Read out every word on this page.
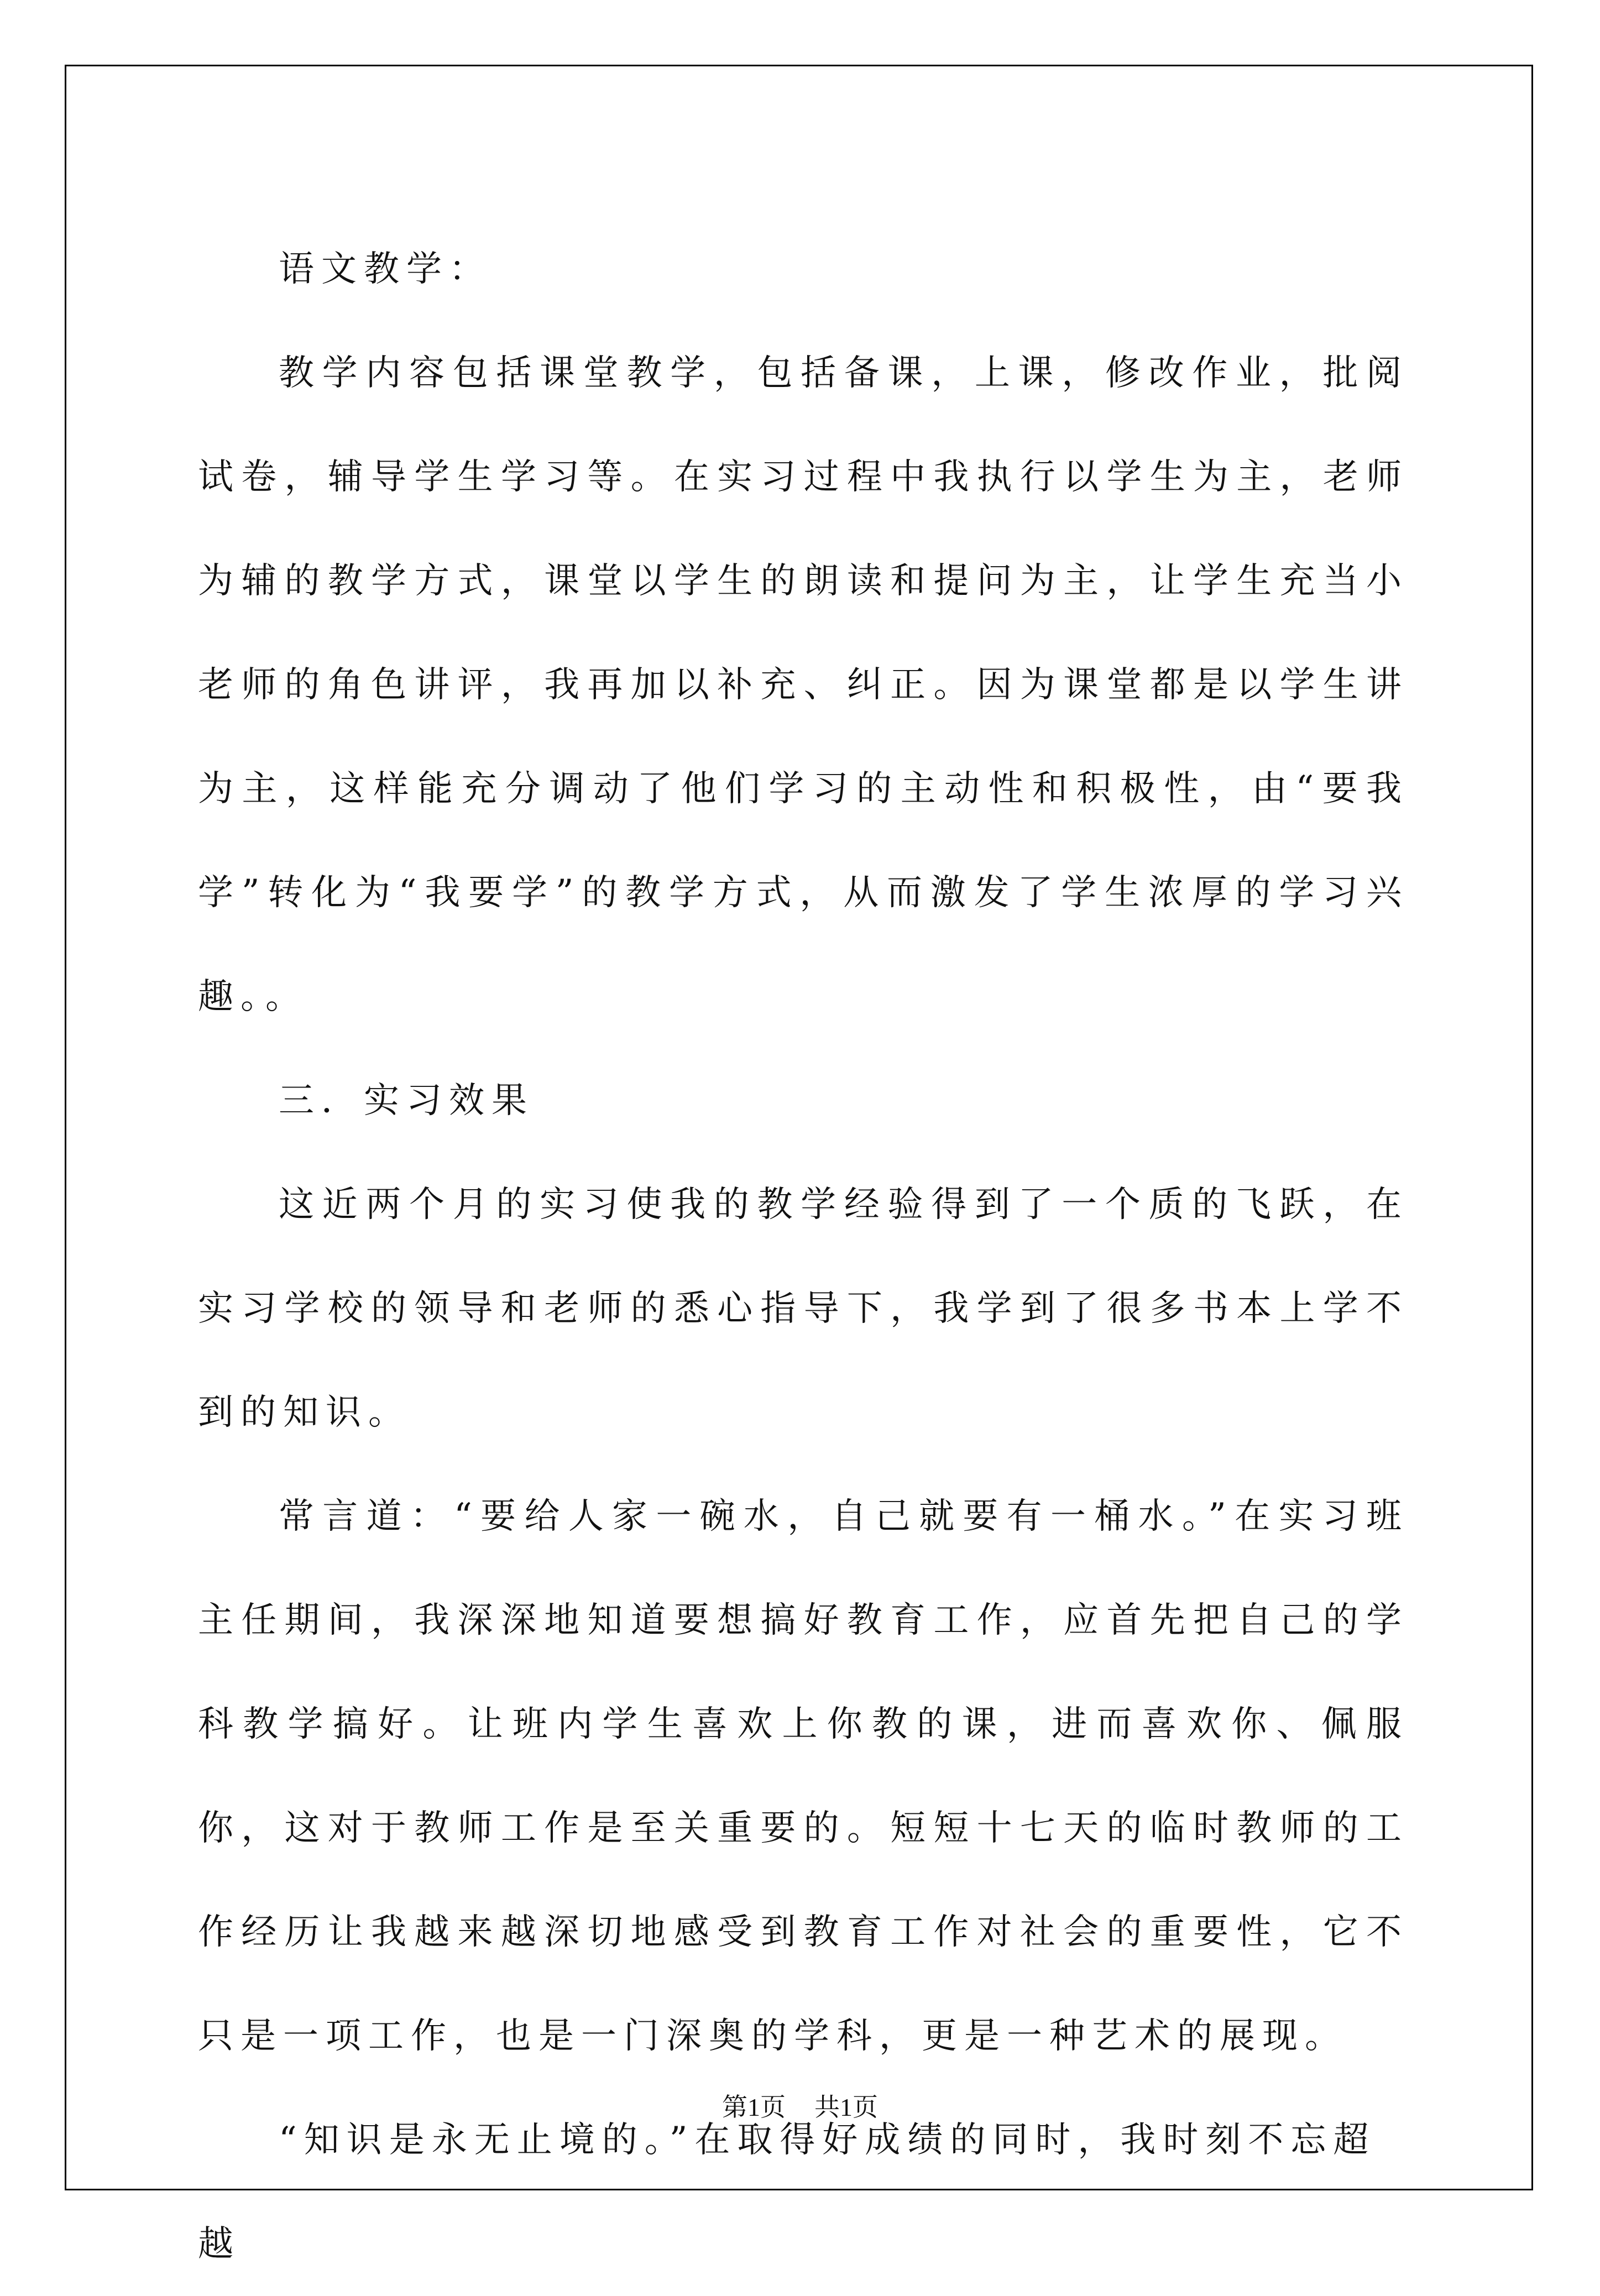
语文教学：

教学内容包括课堂教学，包括备课，上课，修改作业，批阅试卷，辅导学生学习等。在实习过程中我执行以学生为主，老师为辅的教学方式，课堂以学生的朗读和提问为主，让学生充当小老师的角色讲评，我再加以补充、纠正。因为课堂都是以学生讲为主，这样能充分调动了他们学习的主动性和积极性，由“要我学”转化为“我要学”的教学方式，从而激发了学生浓厚的学习兴趣。。

三．实习效果

这近两个月的实习使我的教学经验得到了一个质的飞跃，在实习学校的领导和老师的悉心指导下，我学到了很多书本上学不到的知识。

常言道：“要给人家一碗水，自己就要有一桶水。”在实习班主任期间，我深深地知道要想搞好教育工作，应首先把自己的学科教学搞好。让班内学生喜欢上你教的课，进而喜欢你、佩服你，这对于教师工作是至关重要的。短短十七天的临时教师的工作经历让我越来越深切地感受到教育工作对社会的重要性，它不只是一项工作，也是一门深奥的学科，更是一种艺术的展现。

“知识是永无止境的。”在取得好成绩的同时，我时刻不忘超越

第1页 共1页
